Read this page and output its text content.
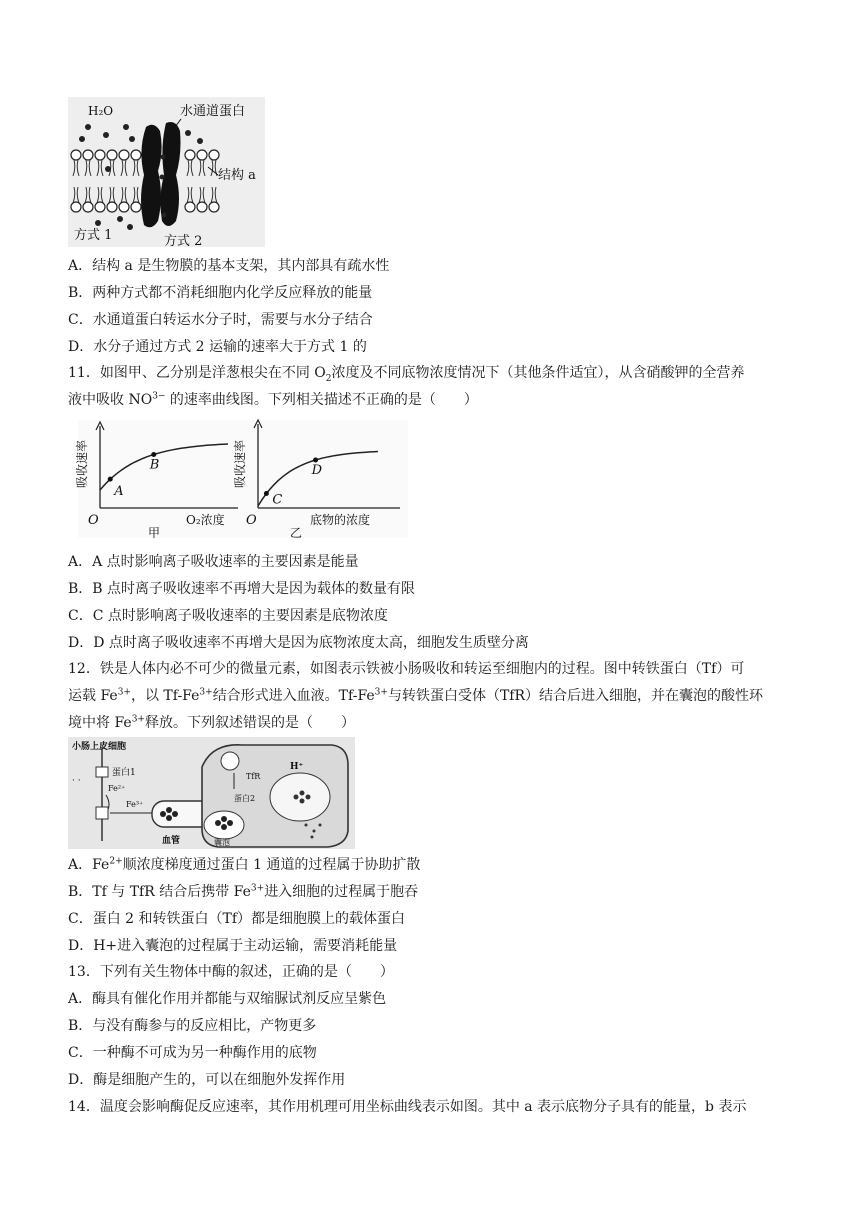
H₂O	水通道蛋白
结构 a
方式 1	方式 2
A．结构 a 是生物膜的基本支架，其内部具有疏水性
B．两种方式都不消耗细胞内化学反应释放的能量
C．水通道蛋白转运水分子时，需要与水分子结合
D．水分子通过方式 2 运输的速率大于方式 1 的
11．如图甲、乙分别是洋葱根尖在不同 $O_2$浓度及不同底物浓度情况下（其他条件适宜），从含硝酸钾的全营养
液中吸收 $NO^{3-}$ 的速率曲线图。下列相关描述不正确的是（　　）
A
B
吸收速率
O	O₂浓度
甲
C
D
吸收速率
O	底物的浓度
乙
A．A 点时影响离子吸收速率的主要因素是能量
B．B 点时离子吸收速率不再增大是因为载体的数量有限
C．C 点时影响离子吸收速率的主要因素是底物浓度
D．D 点时离子吸收速率不再增大是因为底物浓度太高，细胞发生质壁分离
12．铁是人体内必不可少的微量元素，如图表示铁被小肠吸收和转运至细胞内的过程。图中转铁蛋白（Tf）可
运载 $Fe^{3+}$，以 $Tf-Fe^{3+}$结合形式进入血液。$Tf-Fe^{3+}$与转铁蛋白受体（TfR）结合后进入细胞，并在囊泡的酸性环
境中将 $Fe^{3+}$释放。下列叙述错误的是（　　）
小肠上皮细胞
蛋白1
· ·
Fe²⁺
Fe³⁺
血管
TfR
蛋白2
囊泡
H⁺
A．$Fe^{2+}$顺浓度梯度通过蛋白 1 通道的过程属于协助扩散
B．Tf 与 TfR 结合后携带 $Fe^{3+}$进入细胞的过程属于胞吞
C．蛋白 2 和转铁蛋白（Tf）都是细胞膜上的载体蛋白
D．H+进入囊泡的过程属于主动运输，需要消耗能量
13．下列有关生物体中酶的叙述，正确的是（　　）
A．酶具有催化作用并都能与双缩脲试剂反应呈紫色
B．与没有酶参与的反应相比，产物更多
C．一种酶不可成为另一种酶作用的底物
D．酶是细胞产生的，可以在细胞外发挥作用
14．温度会影响酶促反应速率，其作用机理可用坐标曲线表示如图。其中 a 表示底物分子具有的能量，b 表示
